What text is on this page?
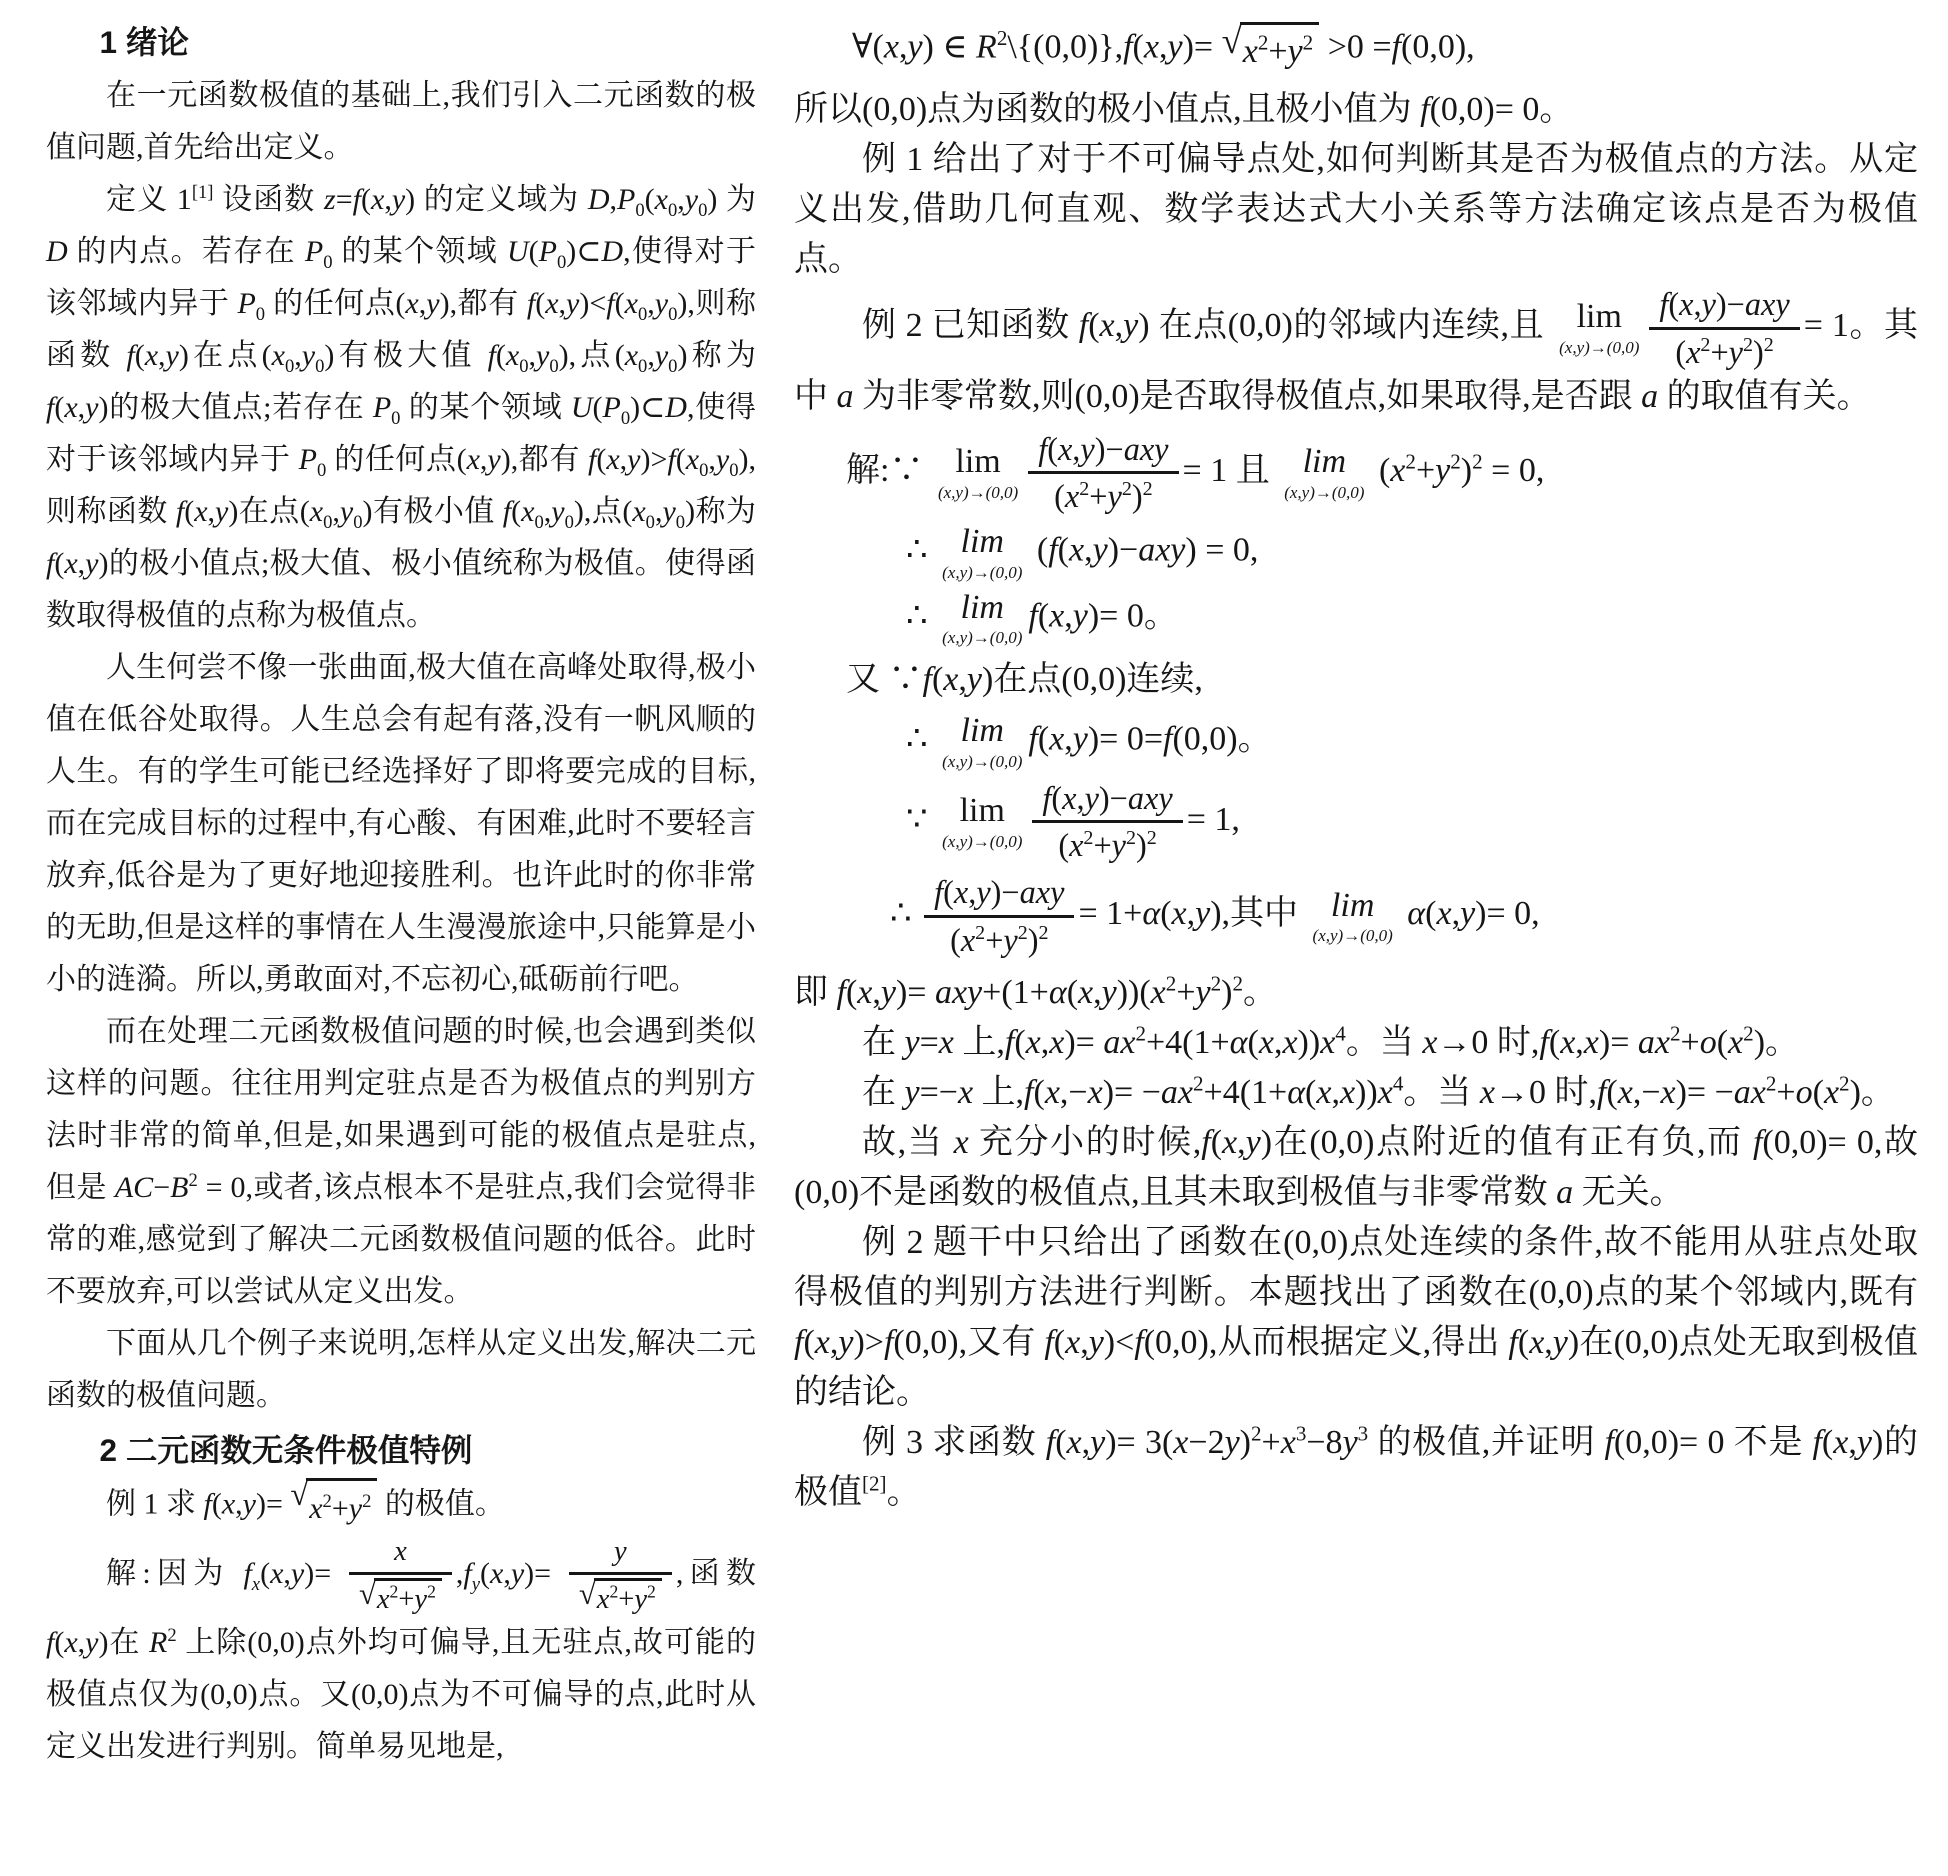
1 绪论
在一元函数极值的基础上,我们引入二元函数的极值问题,首先给出定义。
定义 1[1] 设函数 z=f(x,y) 的定义域为 $D,P_0(x_0,y_0)$ 为 D 的内点。若存在 $P_0$ 的某个领域 $U(P_0)\subset D$,使得对于该邻域内异于 $P_0$ 的任何点(x,y),都有 $f(x,y)<f(x_0,y_0)$,则称函数 f(x,y)在点$(x_0,y_0)$有极大值 $f(x_0,y_0)$,点$(x_0,y_0)$称为 f(x,y)的极大值点;若存在 $P_0$ 的某个领域 $U(P_0)\subset D$,使得对于该邻域内异于 $P_0$ 的任何点(x,y),都有 $f(x,y)>f(x_0,y_0)$,则称函数 f(x,y)在点$(x_0,y_0)$有极小值 $f(x_0,y_0)$,点$(x_0,y_0)$称为 f(x,y)的极小值点;极大值、极小值统称为极值。使得函数取得极值的点称为极值点。
人生何尝不像一张曲面,极大值在高峰处取得,极小值在低谷处取得。人生总会有起有落,没有一帆风顺的人生。有的学生可能已经选择好了即将要完成的目标,而在完成目标的过程中,有心酸、有困难,此时不要轻言放弃,低谷是为了更好地迎接胜利。也许此时的你非常的无助,但是这样的事情在人生漫漫旅途中,只能算是小小的涟漪。所以,勇敢面对,不忘初心,砥砺前行吧。
而在处理二元函数极值问题的时候,也会遇到类似这样的问题。往往用判定驻点是否为极值点的判别方法时非常的简单,但是,如果遇到可能的极值点是驻点,但是 $AC-B^2 = 0$,或者,该点根本不是驻点,我们会觉得非常的难,感觉到了解决二元函数极值问题的低谷。此时不要放弃,可以尝试从定义出发。
下面从几个例子来说明,怎样从定义出发,解决二元函数的极值问题。
2 二元函数无条件极值特例
例 1 求 f(x,y)= √ $x^2+y^2$ 的极值。
解:因为 $f_x(x,y)= \frac{x}{√ x^2+y^2} ,f_y(x,y)= \frac{y}{√ x^2+y^2}$ ,函数 f(x,y)在 $R^2$ 上除(0,0)点外均可偏导,且无驻点,故可能的极值点仅为(0,0)点。又(0,0)点为不可偏导的点,此时从定义出发进行判别。简单易见地是,
∀(x,y) ∈ $R^2\backslash\{(0,0)\},f(x,y)=$ √ $x^2+y^2 >0 =f(0,0)$,
所以(0,0)点为函数的极小值点,且极小值为 f(0,0)= 0。
例 1 给出了对于不可偏导点处,如何判断其是否为极值点的方法。从定义出发,借助几何直观、数学表达式大小关系等方法确定该点是否为极值点。
例 2 已知函数 f(x,y) 在点(0,0)的邻域内连续,且 lim
$(x,y)\to(0,0) \frac{\text{f(x,y)−axy}}{(x^2+y^2)^2} = 1$。其中 a 为非零常数,则(0,0)是否取得极值点,如果取得,是否跟 a 的取值有关。
解:∵ lim
$(x,y)\to(0,0) \frac{\text{f(x,y)−axy}}{(x^2+y^2)^2} = 1$ 且 lim
(x,y)→(0,0)
$(x^2+y^2)^2 = 0$,
∴ lim
(x,y)→(0,0)
(f(x,y)−axy) = 0,
∴ lim
(x,y)→(0,0)
f(x,y)= 0。
又 ∵f(x,y)在点(0,0)连续,
∴ lim
(x,y)→(0,0)
f(x,y)= 0=f(0,0)。
∵ lim
$(x,y)\to(0,0) \frac{\text{f(x,y)−axy}}{(x^2+y^2)^2} = 1$,
∴ $\frac{\text{f(x,y)−axy}}{(x^2+y^2)^2} = 1+\alpha(x,y)$,其中 lim
(x,y)→(0,0)
α(x,y)= 0,
即 $f(x,y)= axy+(1+\alpha(x,y))(x^2+y^2)^2$。
在 y=x 上$,f(x,x)= ax^2+4(1+\alpha(x,x))x^4$。当 x→0 时$,f(x,x)= ax^2+o(x^2)$。
在 y=−x 上$,f(x,-x)= -ax^2+4(1+\alpha(x,x))x^4$。当 x→0 时$,f(x,-x)= -ax^2+o(x^2)$。
故,当 x 充分小的时候,f(x,y)在(0,0)点附近的值有正有负,而 f(0,0)= 0,故(0,0)不是函数的极值点,且其未取到极值与非零常数 a 无关。
例 2 题干中只给出了函数在(0,0)点处连续的条件,故不能用从驻点处取得极值的判别方法进行判断。本题找出了函数在(0,0)点的某个邻域内,既有 f(x,y)>f(0,0),又有 f(x,y)<f(0,0),从而根据定义,得出 f(x,y)在(0,0)点处无取到极值的结论。
例 3 求函数 $f(x,y)= 3(x-2y)^2+x^3-8y^3$ 的极值,并证明 f(0,0)= 0 不是 f(x,y)的极值[2]。
